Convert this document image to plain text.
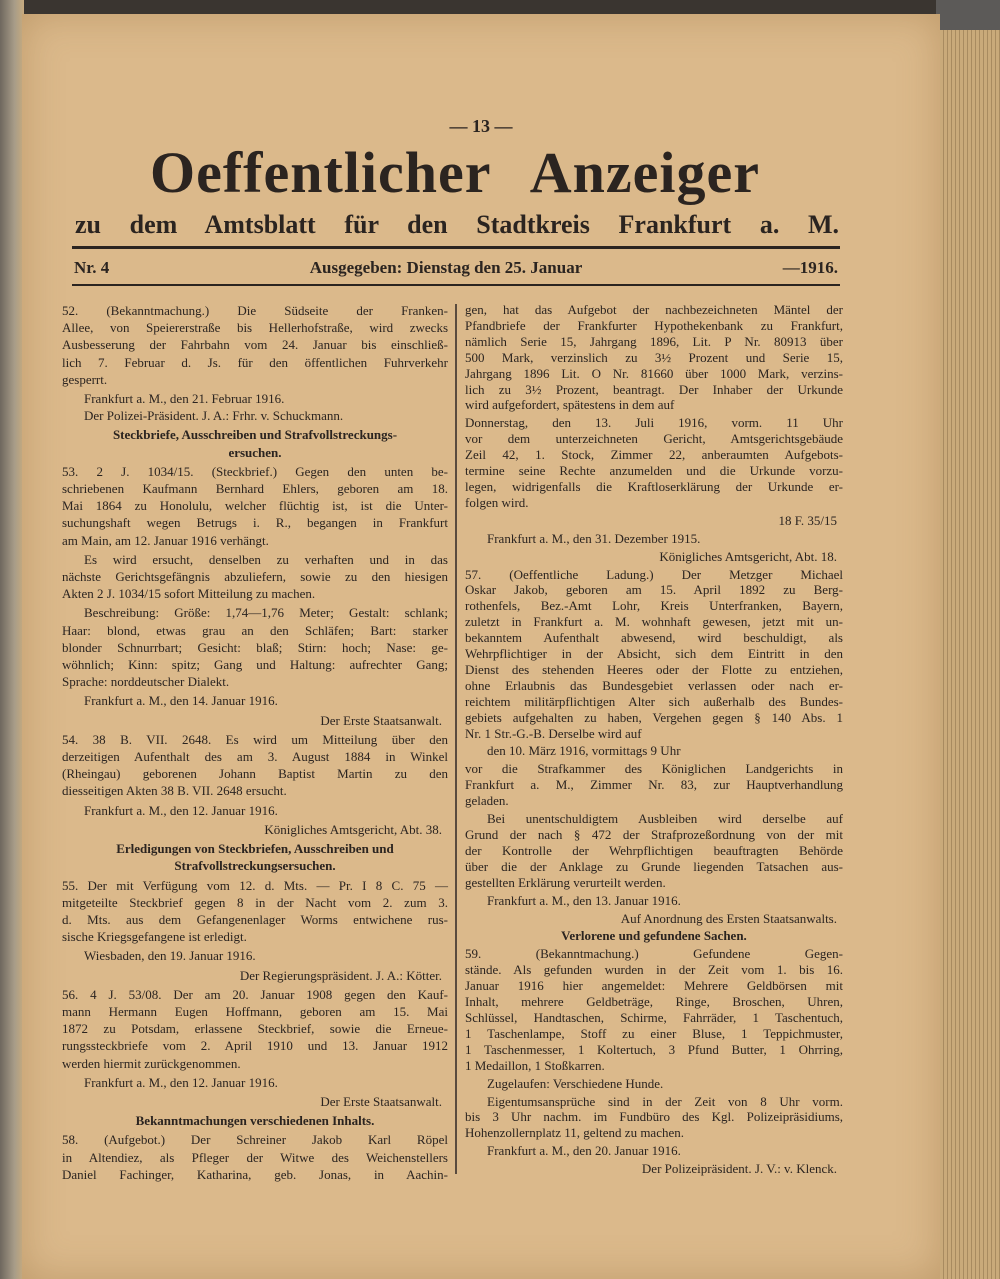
— 13 —
Oeffentlicher Anzeiger
zu dem Amtsblatt für den Stadtkreis Frankfurt a. M.
Nr. 4	Ausgegeben: Dienstag den 25. Januar	—1916.
52. (Bekanntmachung.) Die Südseite der Franken-
Allee, von Speiererstraße bis Hellerhofstraße, wird zwecks
Ausbesserung der Fahrbahn vom 24. Januar bis einschließ-
lich 7. Februar d. Js. für den öffentlichen Fuhrverkehr
gesperrt.
Frankfurt a. M., den 21. Februar 1916.
Der Polizei-Präsident. J. A.: Frhr. v. Schuckmann.
Steckbriefe, Ausschreiben und Strafvollstreckungs-
ersuchen.
53. 2 J. 1034/15. (Steckbrief.) Gegen den unten be-
schriebenen Kaufmann Bernhard Ehlers, geboren am 18.
Mai 1864 zu Honolulu, welcher flüchtig ist, ist die Unter-
suchungshaft wegen Betrugs i. R., begangen in Frankfurt
am Main, am 12. Januar 1916 verhängt.
Es wird ersucht, denselben zu verhaften und in das
nächste Gerichtsgefängnis abzuliefern, sowie zu den hiesigen
Akten 2 J. 1034/15 sofort Mitteilung zu machen.
Beschreibung: Größe: 1,74—1,76 Meter; Gestalt: schlank;
Haar: blond, etwas grau an den Schläfen; Bart: starker
blonder Schnurrbart; Gesicht: blaß; Stirn: hoch; Nase: ge-
wöhnlich; Kinn: spitz; Gang und Haltung: aufrechter Gang;
Sprache: norddeutscher Dialekt.
Frankfurt a. M., den 14. Januar 1916.
Der Erste Staatsanwalt.
54. 38 B. VII. 2648. Es wird um Mitteilung über den
derzeitigen Aufenthalt des am 3. August 1884 in Winkel
(Rheingau) geborenen Johann Baptist Martin zu den
diesseitigen Akten 38 B. VII. 2648 ersucht.
Frankfurt a. M., den 12. Januar 1916.
Königliches Amtsgericht, Abt. 38.
Erledigungen von Steckbriefen, Ausschreiben und
Strafvollstreckungsersuchen.
55. Der mit Verfügung vom 12. d. Mts. — Pr. I 8 C. 75 —
mitgeteilte Steckbrief gegen 8 in der Nacht vom 2. zum 3.
d. Mts. aus dem Gefangenenlager Worms entwichene rus-
sische Kriegsgefangene ist erledigt.
Wiesbaden, den 19. Januar 1916.
Der Regierungspräsident. J. A.: Kötter.
56. 4 J. 53/08. Der am 20. Januar 1908 gegen den Kauf-
mann Hermann Eugen Hoffmann, geboren am 15. Mai
1872 zu Potsdam, erlassene Steckbrief, sowie die Erneue-
rungssteckbriefe vom 2. April 1910 und 13. Januar 1912
werden hiermit zurückgenommen.
Frankfurt a. M., den 12. Januar 1916.
Der Erste Staatsanwalt.
Bekanntmachungen verschiedenen Inhalts.
58. (Aufgebot.) Der Schreiner Jakob Karl Röpel
in Altendiez, als Pfleger der Witwe des Weichenstellers
Daniel Fachinger, Katharina, geb. Jonas, in Aachin-
gen, hat das Aufgebot der nachbezeichneten Mäntel der
Pfandbriefe der Frankfurter Hypothekenbank zu Frankfurt,
nämlich Serie 15, Jahrgang 1896, Lit. P Nr. 80913 über
500 Mark, verzinslich zu 3½ Prozent und Serie 15,
Jahrgang 1896 Lit. O Nr. 81660 über 1000 Mark, verzins-
lich zu 3½ Prozent, beantragt. Der Inhaber der Urkunde
wird aufgefordert, spätestens in dem auf
Donnerstag, den 13. Juli 1916, vorm. 11 Uhr
vor dem unterzeichneten Gericht, Amtsgerichtsgebäude
Zeil 42, 1. Stock, Zimmer 22, anberaumten Aufgebots-
termine seine Rechte anzumelden und die Urkunde vorzu-
legen, widrigenfalls die Kraftloserklärung der Urkunde er-
folgen wird.
18 F. 35/15
Frankfurt a. M., den 31. Dezember 1915.
Königliches Amtsgericht, Abt. 18.
57. (Oeffentliche Ladung.) Der Metzger Michael
Oskar Jakob, geboren am 15. April 1892 zu Berg-
rothenfels, Bez.-Amt Lohr, Kreis Unterfranken, Bayern,
zuletzt in Frankfurt a. M. wohnhaft gewesen, jetzt mit un-
bekanntem Aufenthalt abwesend, wird beschuldigt, als
Wehrpflichtiger in der Absicht, sich dem Eintritt in den
Dienst des stehenden Heeres oder der Flotte zu entziehen,
ohne Erlaubnis das Bundesgebiet verlassen oder nach er-
reichtem militärpflichtigen Alter sich außerhalb des Bundes-
gebiets aufgehalten zu haben, Vergehen gegen § 140 Abs. 1
Nr. 1 Str.-G.-B. Derselbe wird auf
den 10. März 1916, vormittags 9 Uhr
vor die Strafkammer des Königlichen Landgerichts in
Frankfurt a. M., Zimmer Nr. 83, zur Hauptverhandlung
geladen.
Bei unentschuldigtem Ausbleiben wird derselbe auf
Grund der nach § 472 der Strafprozeßordnung von der mit
der Kontrolle der Wehrpflichtigen beauftragten Behörde
über die der Anklage zu Grunde liegenden Tatsachen aus-
gestellten Erklärung verurteilt werden.
Frankfurt a. M., den 13. Januar 1916.
Auf Anordnung des Ersten Staatsanwalts.
Verlorene und gefundene Sachen.
59. (Bekanntmachung.) Gefundene Gegen-
stände. Als gefunden wurden in der Zeit vom 1. bis 16.
Januar 1916 hier angemeldet: Mehrere Geldbörsen mit
Inhalt, mehrere Geldbeträge, Ringe, Broschen, Uhren,
Schlüssel, Handtaschen, Schirme, Fahrräder, 1 Taschentuch,
1 Taschenlampe, Stoff zu einer Bluse, 1 Teppichmuster,
1 Taschenmesser, 1 Koltertuch, 3 Pfund Butter, 1 Ohrring,
1 Medaillon, 1 Stoßkarren.
Zugelaufen: Verschiedene Hunde.
Eigentumsansprüche sind in der Zeit von 8 Uhr vorm.
bis 3 Uhr nachm. im Fundbüro des Kgl. Polizeipräsidiums,
Hohenzollernplatz 11, geltend zu machen.
Frankfurt a. M., den 20. Januar 1916.
Der Polizeipräsident. J. V.: v. Klenck.
